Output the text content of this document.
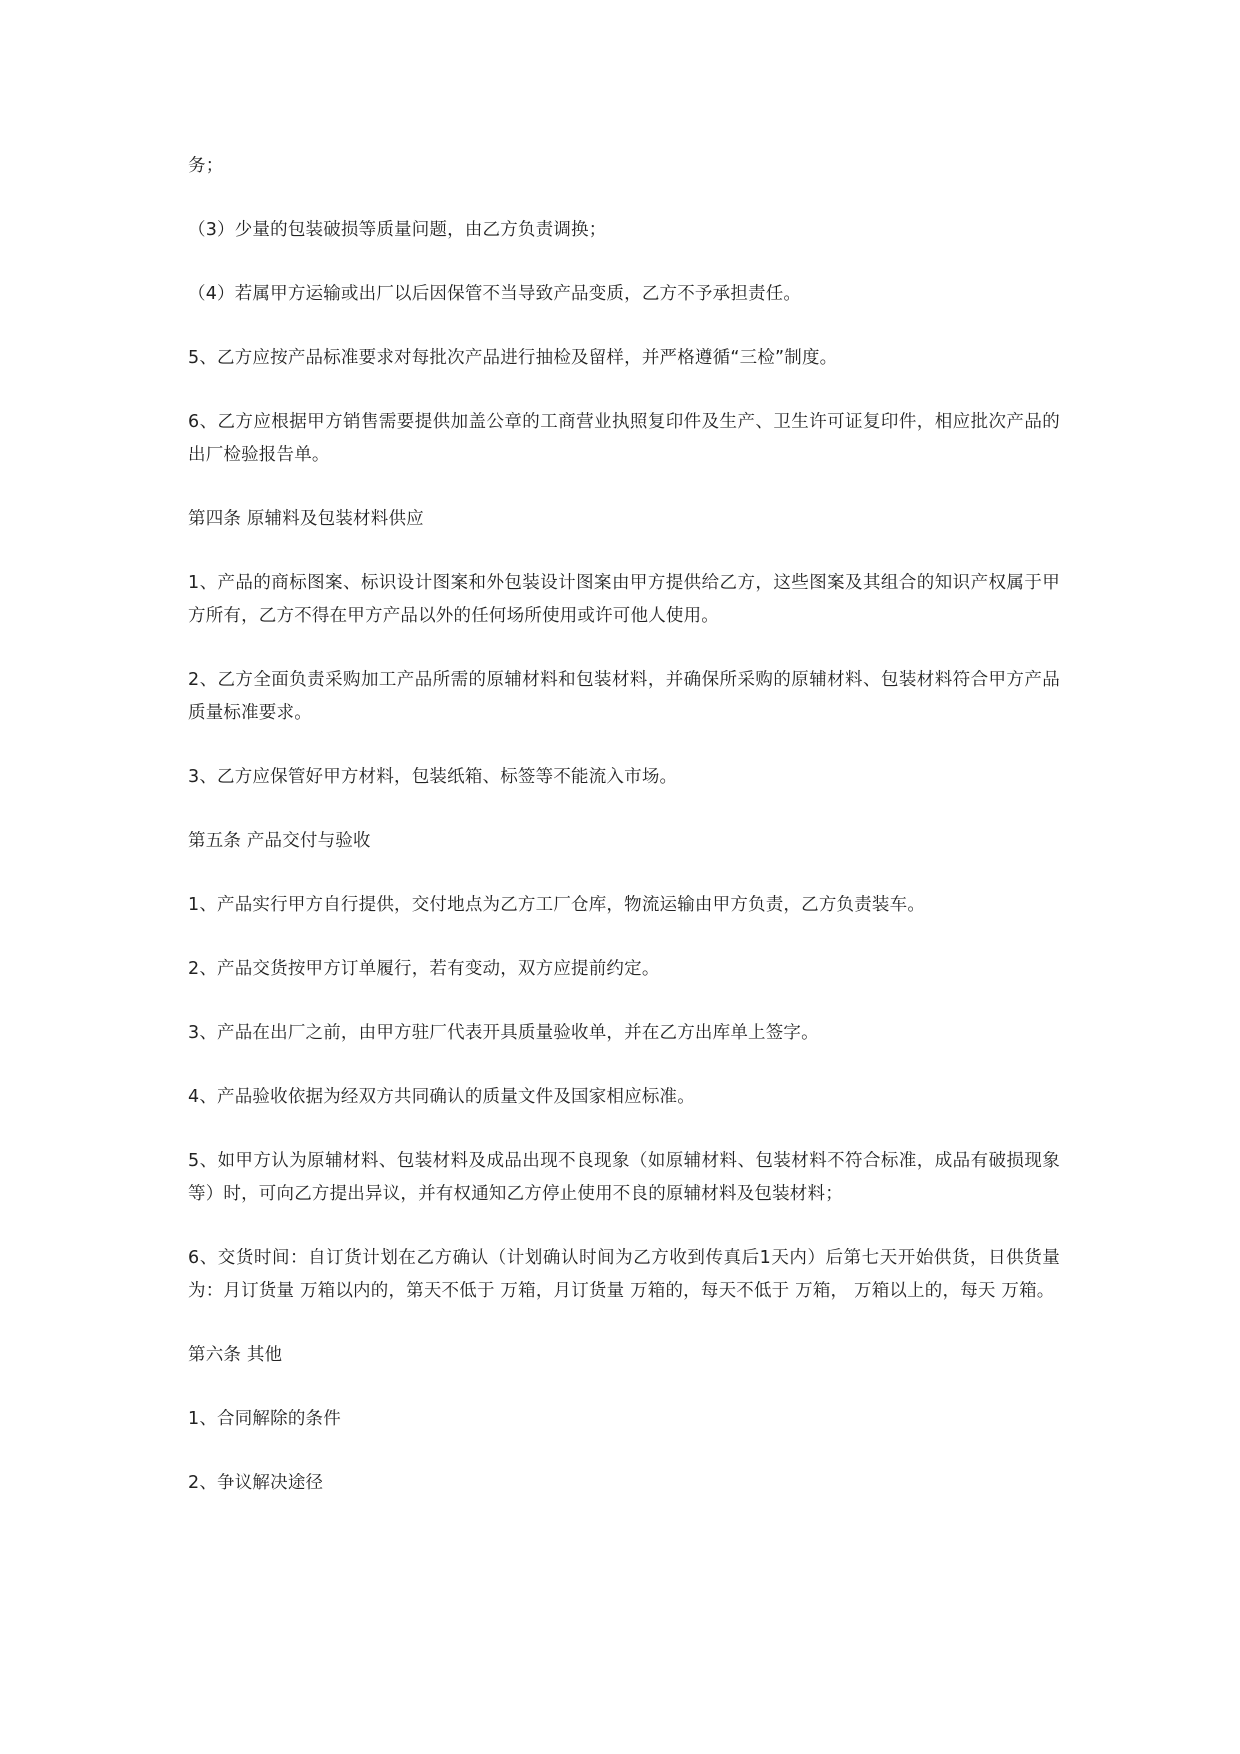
务；

（3）少量的包装破损等质量问题，由乙方负责调换；

（4）若属甲方运输或出厂以后因保管不当导致产品变质，乙方不予承担责任。

5、乙方应按产品标准要求对每批次产品进行抽检及留样，并严格遵循“三检”制度。

6、乙方应根据甲方销售需要提供加盖公章的工商营业执照复印件及生产、卫生许可证复印件，相应批次产品的出厂检验报告单。

第四条 原辅料及包装材料供应

1、产品的商标图案、标识设计图案和外包装设计图案由甲方提供给乙方，这些图案及其组合的知识产权属于甲方所有，乙方不得在甲方产品以外的任何场所使用或许可他人使用。

2、乙方全面负责采购加工产品所需的原辅材料和包装材料，并确保所采购的原辅材料、包装材料符合甲方产品质量标准要求。

3、乙方应保管好甲方材料，包装纸箱、标签等不能流入市场。

第五条 产品交付与验收

1、产品实行甲方自行提供，交付地点为乙方工厂仓库，物流运输由甲方负责，乙方负责装车。

2、产品交货按甲方订单履行，若有变动，双方应提前约定。

3、产品在出厂之前，由甲方驻厂代表开具质量验收单，并在乙方出库单上签字。

4、产品验收依据为经双方共同确认的质量文件及国家相应标准。

5、如甲方认为原辅材料、包装材料及成品出现不良现象（如原辅材料、包装材料不符合标准，成品有破损现象等）时，可向乙方提出异议，并有权通知乙方停止使用不良的原辅材料及包装材料；

6、交货时间：自订货计划在乙方确认（计划确认时间为乙方收到传真后1天内）后第七天开始供货，日供货量为：月订货量 万箱以内的，第天不低于 万箱，月订货量 万箱的，每天不低于 万箱， 万箱以上的，每天 万箱。

第六条 其他

1、合同解除的条件

2、争议解决途径
